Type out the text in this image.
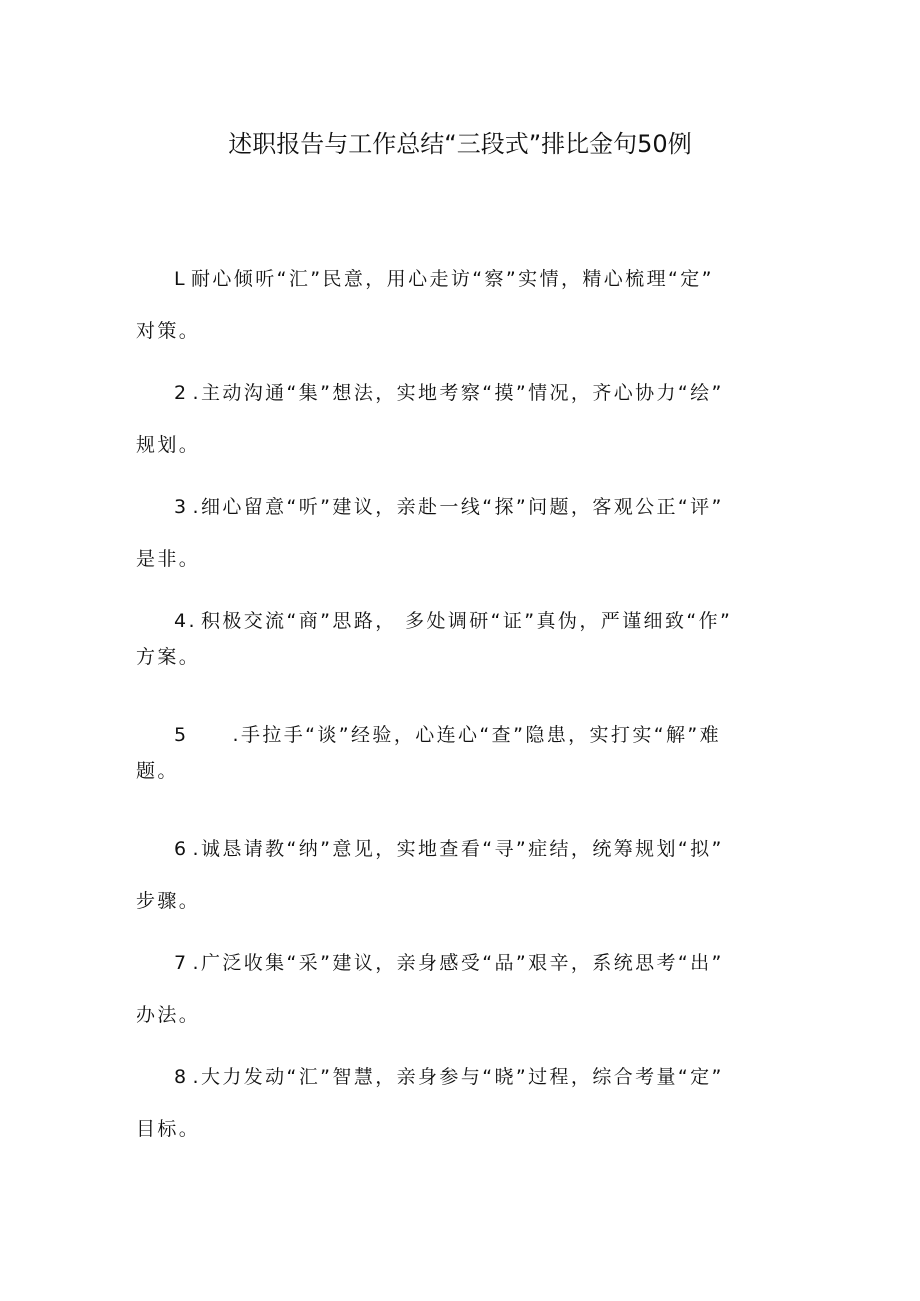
述职报告与工作总结“三段式”排比金句50例
L 耐心倾听“汇”民意，用心走访“察”实情，精心梳理“定”
对策。
2 .主动沟通“集”想法，实地考察“摸”情况，齐心协力“绘”
规划。
3 .细心留意“听”建议，亲赴一线“探”问题，客观公正“评”
是非。
4. 积极交流“商”思路， 多处调研“证”真伪，严谨细致“作”
方案。
5 .手拉手“谈”经验，心连心“查”隐患，实打实“解”难
题。
6 .诚恳请教“纳”意见，实地查看“寻”症结，统筹规划“拟”
步骤。
7 .广泛收集“采”建议，亲身感受“品”艰辛，系统思考“出”
办法。
8 .大力发动“汇”智慧，亲身参与“晓”过程，综合考量“定”
目标。
